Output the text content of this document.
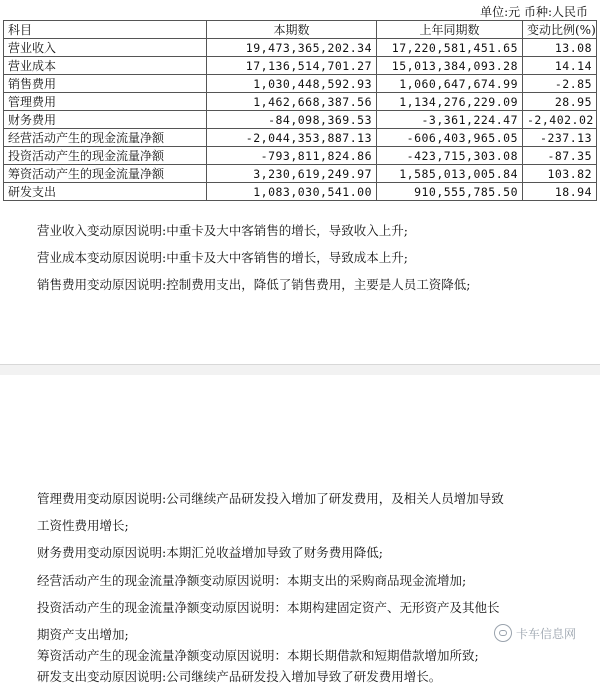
单位:元 币种:人民币
科目	本期数	上年同期数	变动比例(%)
营业收入	19,473,365,202.34	17,220,581,451.65	13.08
营业成本	17,136,514,701.27	15,013,384,093.28	14.14
销售费用	1,030,448,592.93	1,060,647,674.99	-2.85
管理费用	1,462,668,387.56	1,134,276,229.09	28.95
财务费用	-84,098,369.53	-3,361,224.47	-2,402.02
经营活动产生的现金流量净额	-2,044,353,887.13	-606,403,965.05	-237.13
投资活动产生的现金流量净额	-793,811,824.86	-423,715,303.08	-87.35
筹资活动产生的现金流量净额	3,230,619,249.97	1,585,013,005.84	103.82
研发支出	1,083,030,541.00	910,555,785.50	18.94
营业收入变动原因说明:中重卡及大中客销售的增长，导致收入上升;
营业成本变动原因说明:中重卡及大中客销售的增长，导致成本上升;
销售费用变动原因说明:控制费用支出，降低了销售费用，主要是人员工资降低;
管理费用变动原因说明:公司继续产品研发投入增加了研发费用，及相关人员增加导致
工资性费用增长;
财务费用变动原因说明:本期汇兑收益增加导致了财务费用降低;
经营活动产生的现金流量净额变动原因说明：本期支出的采购商品现金流增加;
投资活动产生的现金流量净额变动原因说明：本期构建固定资产、无形资产及其他长
期资产支出增加;
筹资活动产生的现金流量净额变动原因说明：本期长期借款和短期借款增加所致;
研发支出变动原因说明:公司继续产品研发投入增加导致了研发费用增长。
卡车信息网
